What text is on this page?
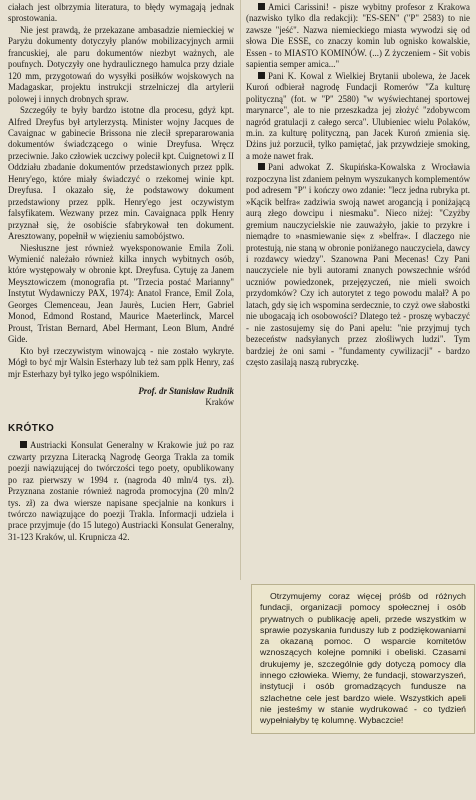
ciałach jest olbrzymia literatura, to błędy wymagają jednak sprostowania.

Nie jest prawdą, że przekazane ambasadzie niemieckiej w Paryżu dokumenty dotyczyły planów mobilizacyjnych armii francuskiej, ale paru dokumentów niezbyt ważnych, ale poufnych. Dotyczyły one hydraulicznego hamulca przy dziale 120 mm, przygotowań do wysyłki posiłków wojskowych na Madagaskar, projektu instrukcji strzelniczej dla artylerii polowej i innych drobnych spraw.

Szczegóły te były bardzo istotne dla procesu, gdyż kpt. Alfred Dreyfus był artylerzystą. Minister wojny Jacques de Cavaignac w gabinecie Brissona nie zlecił sprepararowania dokumentów świadczącego o winie Dreyfusa. Wręcz przeciwnie. Jako człowiek uczciwy polecił kpt. Cuignetowi z II Oddziału zbadanie dokumentów przedstawionych przez pplk. Henry'ego, które miały świadczyć o rzekomej winie kpt. Dreyfusa. I okazało się, że podstawowy dokument przedstawiony przez pplk. Henry'ego jest oczywistym falsyfikatem. Wezwany przez min. Cavaignaca pplk Henry przyznał się, że osobiście sfabrykował ten dokument. Aresztowany, popełnił w więzieniu samobójstwo.

Niesłuszne jest również wyeksponowanie Emila Zoli. Wymienić należało również kilka innych wybitnych osób, które występowały w obronie kpt. Dreyfusa. Cytuję za Janem Meysztowiczem (monografia pt. "Trzecia postać Marianny" Instytut Wydawniczy PAX, 1974): Anatol France, Emil Zola, Georges Clemenceau, Jean Jaurès, Lucien Herr, Gabriel Monod, Edmond Rostand, Maurice Maeterlinck, Marcel Proust, Tristan Bernard, Abel Hermant, Leon Blum, André Gide.

Kto był rzeczywistym winowajcą - nie zostało wykryte. Mógł to być mjr Walsin Esterhazy lub też sam pplk Henry, zaś mjr Esterhazy był tylko jego wspólnikiem.

Prof. dr Stanisław Rudnik
Kraków
KRÓTKO

Austriacki Konsulat Generalny w Krakowie już po raz czwarty przyzna Literacką Nagrodę Georga Trakla za tomik poezji nawiązującej do twórczości tego poety, opublikowany po raz pierwszy w 1994 r. (nagroda 40 mln/4 tys. zł). Przyznana zostanie również nagroda promocyjna (20 mln/2 tys. zł) za dwa wiersze napisane specjalnie na konkurs i twórczo nawiązujące do poezji Trakla. Informacji udziela i prace przyjmuje (do 15 lutego) Austriacki Konsulat Generalny, 31-123 Kraków, ul. Krupnicza 42.

Amici Carissini! - pisze wybitny profesor z Krakowa (nazwisko tylko dla redakcji): "ES-SEN" ("P" 2583) to nie zawsze "jeść". Nazwa niemieckiego miasta wywodzi się od słowa Die ESSE, co znaczy komin lub ognisko kowalskie, Essen - to MIASTO KOMINÓW. (...) Z życzeniem - Sit vobis sapientia semper amica..."

Pani K. Kowal z Wielkiej Brytanii ubolewa, że Jacek Kuroń odbierał nagrodę Fundacji Romerów "Za kulturę polityczną" (fot. w "P" 2580) "w wyświechtanej sportowej marynarce", ale to nie przeszkadza jej złożyć "zdobywcom nagród gratulacji z całego serca". Ulubieniec wielu Polaków, m.in. za kulturę polityczną, pan Jacek Kuroń zmienia się. Dżins już porzucił, tylko pamiętać, jak przywdzieje smoking, a może nawet frak.

Pani adwokat Z. Skupińska-Kowalska z Wrocławia rozpoczyna list zdaniem pełnym wyszukanych komplementów pod adresem "P" i kończy owo zdanie: "lecz jedna rubryka pt. »Kącik belfra« zadziwia swoją nawet arogancją i poniżającą aurą złego dowcipu i niesmaku". Nieco niżej: "Czyżby gremium nauczycielskie nie zauważyło, jakie to przykre i niemądre to »nasmiewanie się« z »belfra«. I dlaczego nie protestują, nie staną w obronie poniżanego nauczyciela, dawcy i rozdawcy wiedzy". Szanowna Pani Mecenas! Czy Pani nauczyciele nie byli autorami znanych powszechnie wśród uczniów powiedzonek, przejęzyczeń, nie mieli swoich przydomków? Czy ich autorytet z tego powodu malał? A po latach, gdy się ich wspomina serdecznie, to czyż owe słabostki nie ubogacają ich osobowości? Dlatego też - proszę wybaczyć - nie zastosujemy się do Pani apelu: "nie przyjmuj tych bezeceństw nadsyłanych przez złośliwych ludzi". Tym bardziej że oni sami - "fundamenty cywilizacji" - bardzo często zasilają naszą rubryczkę.

Otrzymujemy coraz więcej próśb od różnych fundacji, organizacji pomocy społecznej i osób prywatnych o publikację apeli, przede wszystkim w sprawie pozyskania funduszy lub z podziękowaniami za okazaną pomoc. O wsparcie komitetów wznoszących kolejne pomniki i obeliski. Czasami drukujemy je, szczególnie gdy dotyczą pomocy dla innego człowieka. Wiemy, że fundacji, stowarzyszeń, instytucji i osób gromadzących fundusze na szlachetne cele jest bardzo wiele. Wszystkich apeli nie jesteśmy w stanie wydrukować - co tydzień wypełniałyby tę kolumnę. Wybaczcie!
